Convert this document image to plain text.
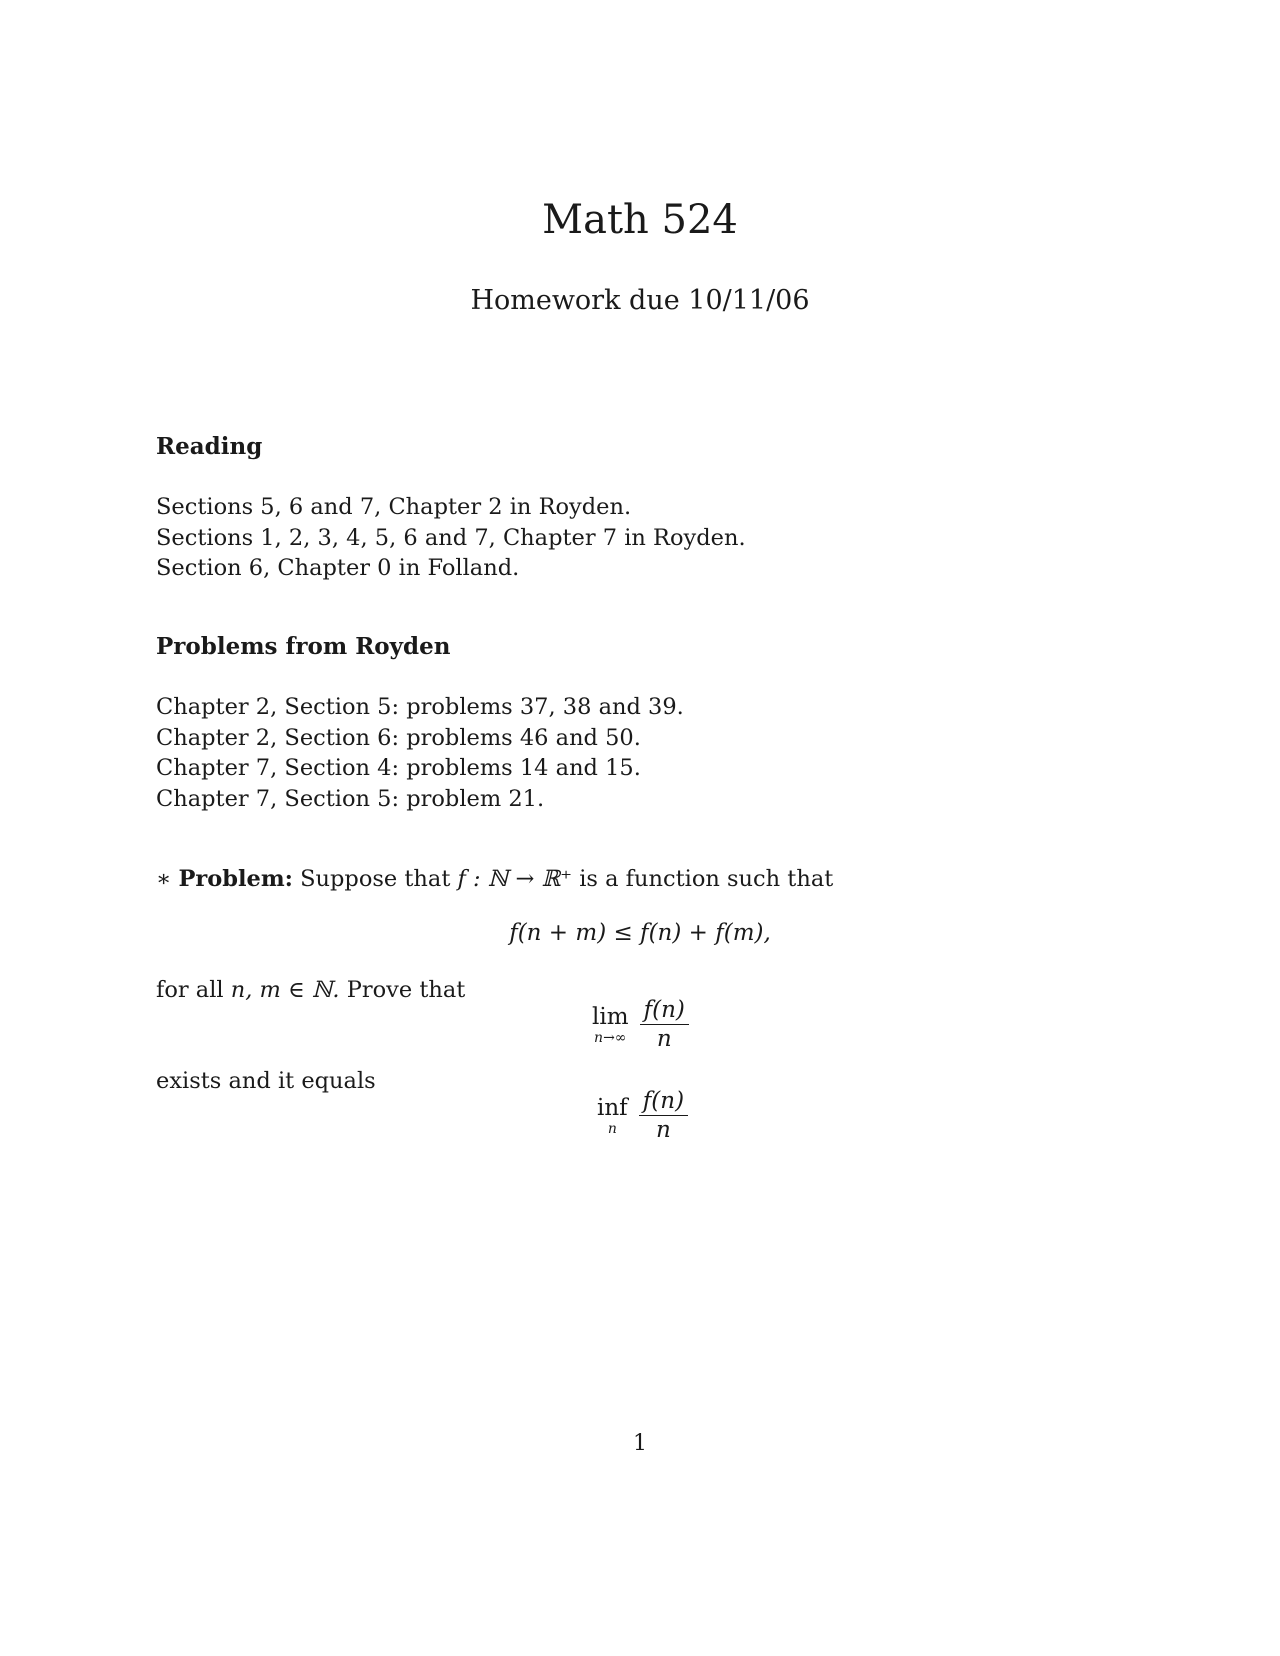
Math 524
Homework due 10/11/06
Reading
Sections 5, 6 and 7, Chapter 2 in Royden.
Sections 1, 2, 3, 4, 5, 6 and 7, Chapter 7 in Royden.
Section 6, Chapter 0 in Folland.
Problems from Royden
Chapter 2, Section 5: problems 37, 38 and 39.
Chapter 2, Section 6: problems 46 and 50.
Chapter 7, Section 4: problems 14 and 15.
Chapter 7, Section 5: problem 21.
∗ Problem: Suppose that f : ℕ → ℝ⁺ is a function such that
f(n + m) ≤ f(n) + f(m),
for all n, m ∈ ℕ. Prove that
lim
n→∞
$\frac{f(n)}{n}$
exists and it equals
inf
n
$\frac{f(n)}{n}$
1
